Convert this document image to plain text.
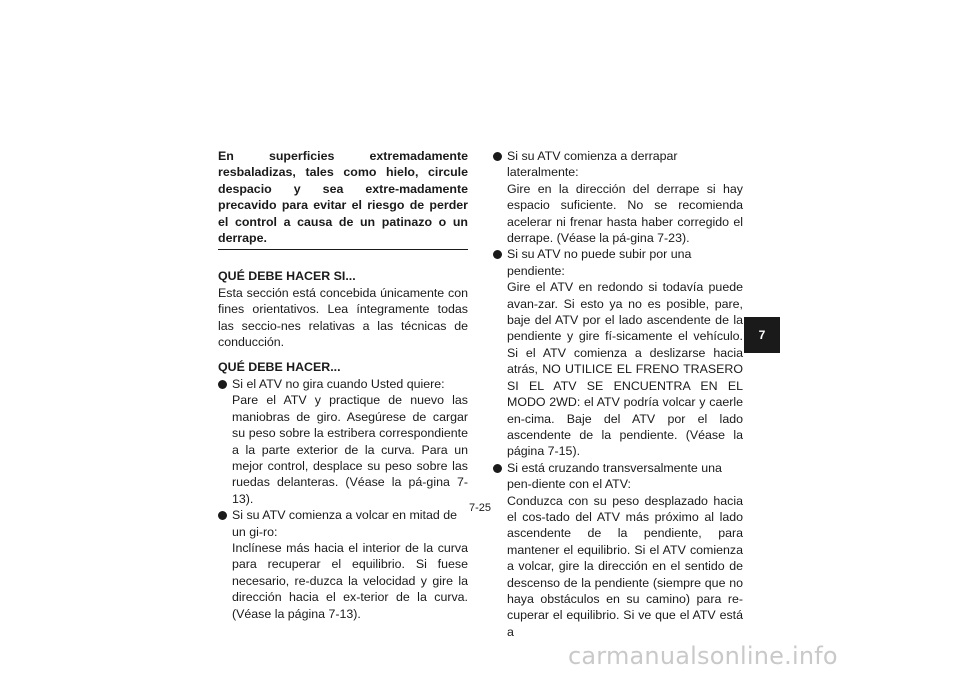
En superficies extremadamente resbaladizas, tales como hielo, circule despacio y sea extre-madamente precavido para evitar el riesgo de perder el control a causa de un patinazo o un derrape.
QUÉ DEBE HACER SI...
Esta sección está concebida únicamente con fines orientativos. Lea íntegramente todas las seccio-nes relativas a las técnicas de conducción.
QUÉ DEBE HACER...
Si el ATV no gira cuando Usted quiere:
Pare el ATV y practique de nuevo las maniobras de giro. Asegúrese de cargar su peso sobre la estribera correspondiente a la parte exterior de la curva. Para un mejor control, desplace su peso sobre las ruedas delanteras. (Véase la pá-gina 7-13).
Si su ATV comienza a volcar en mitad de un gi-ro:
Inclínese más hacia el interior de la curva para recuperar el equilibrio. Si fuese necesario, re-duzca la velocidad y gire la dirección hacia el ex-terior de la curva. (Véase la página 7-13).
Si su ATV comienza a derrapar lateralmente:
Gire en la dirección del derrape si hay espacio suficiente. No se recomienda acelerar ni frenar hasta haber corregido el derrape. (Véase la pá-gina 7-23).
Si su ATV no puede subir por una pendiente:
Gire el ATV en redondo si todavía puede avan-zar. Si esto ya no es posible, pare, baje del ATV por el lado ascendente de la pendiente y gire fí-sicamente el vehículo. Si el ATV comienza a deslizarse hacia atrás, NO UTILICE EL FRENO TRASERO SI EL ATV SE ENCUENTRA EN EL MODO 2WD: el ATV podría volcar y caerle en-cima. Baje del ATV por el lado ascendente de la pendiente. (Véase la página 7-15).
Si está cruzando transversalmente una pen-diente con el ATV:
Conduzca con su peso desplazado hacia el cos-tado del ATV más próximo al lado ascendente de la pendiente, para mantener el equilibrio. Si el ATV comienza a volcar, gire la dirección en el sentido de descenso de la pendiente (siempre que no haya obstáculos en su camino) para re-cuperar el equilibrio. Si ve que el ATV está a
7
7-25
carmanualsonline.info
